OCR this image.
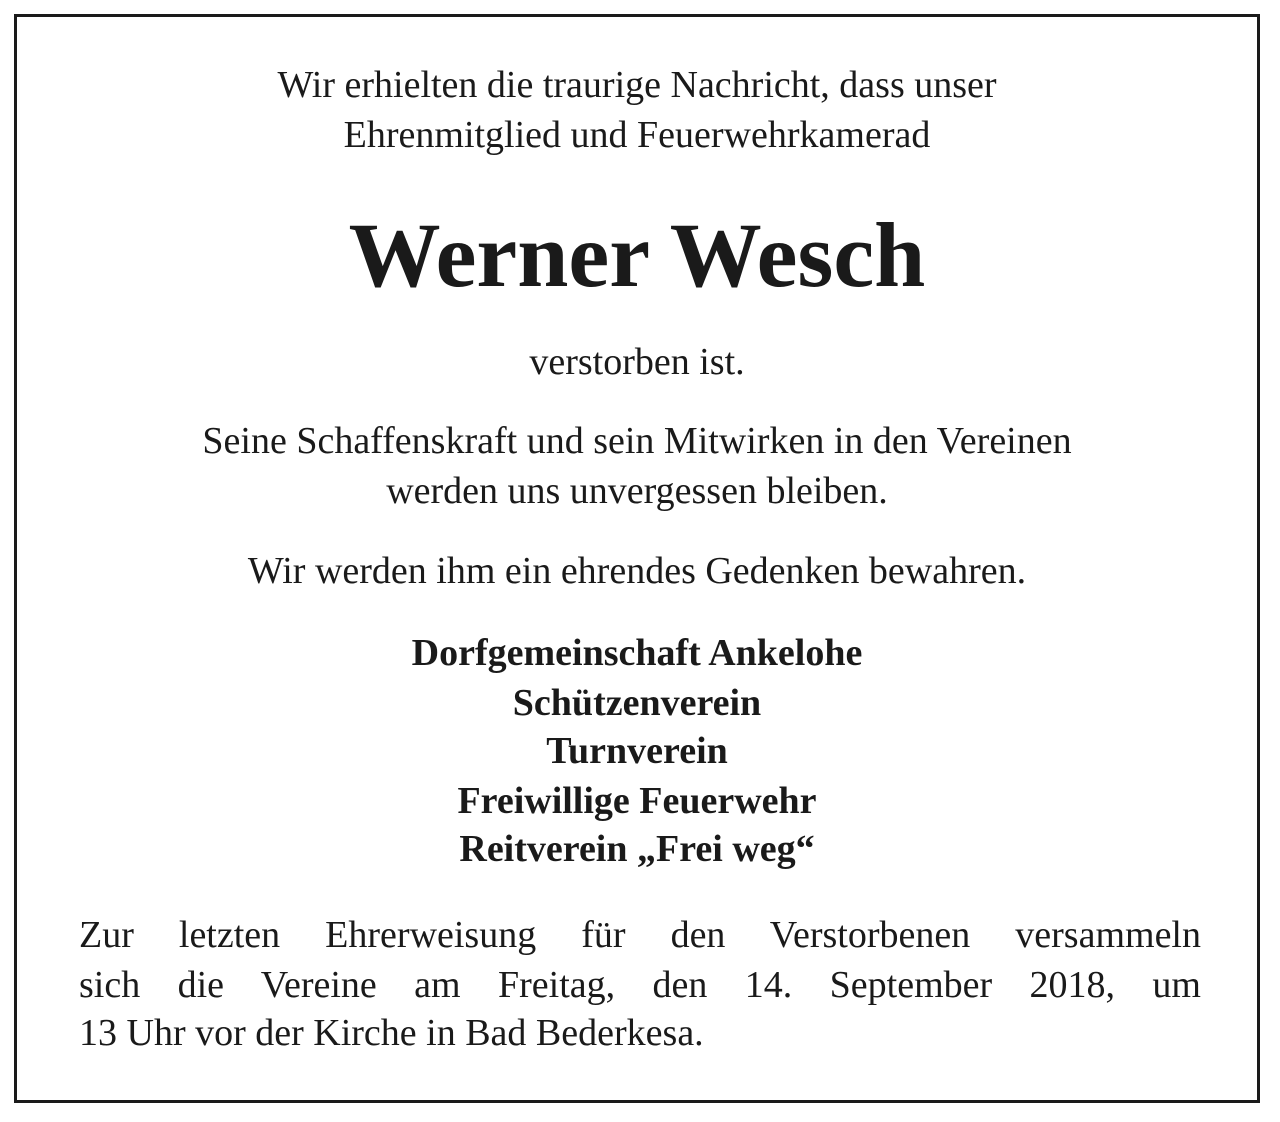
Wir erhielten die traurige Nachricht, dass unser
Ehrenmitglied und Feuerwehrkamerad
Werner Wesch
verstorben ist.
Seine Schaffenskraft und sein Mitwirken in den Vereinen
werden uns unvergessen bleiben.
Wir werden ihm ein ehrendes Gedenken bewahren.
Dorfgemeinschaft Ankelohe
Schützenverein
Turnverein
Freiwillige Feuerwehr
Reitverein „Frei weg“
Zur letzten Ehrerweisung für den Verstorbenen versammeln
sich die Vereine am Freitag, den 14. September 2018, um
13 Uhr vor der Kirche in Bad Bederkesa.
